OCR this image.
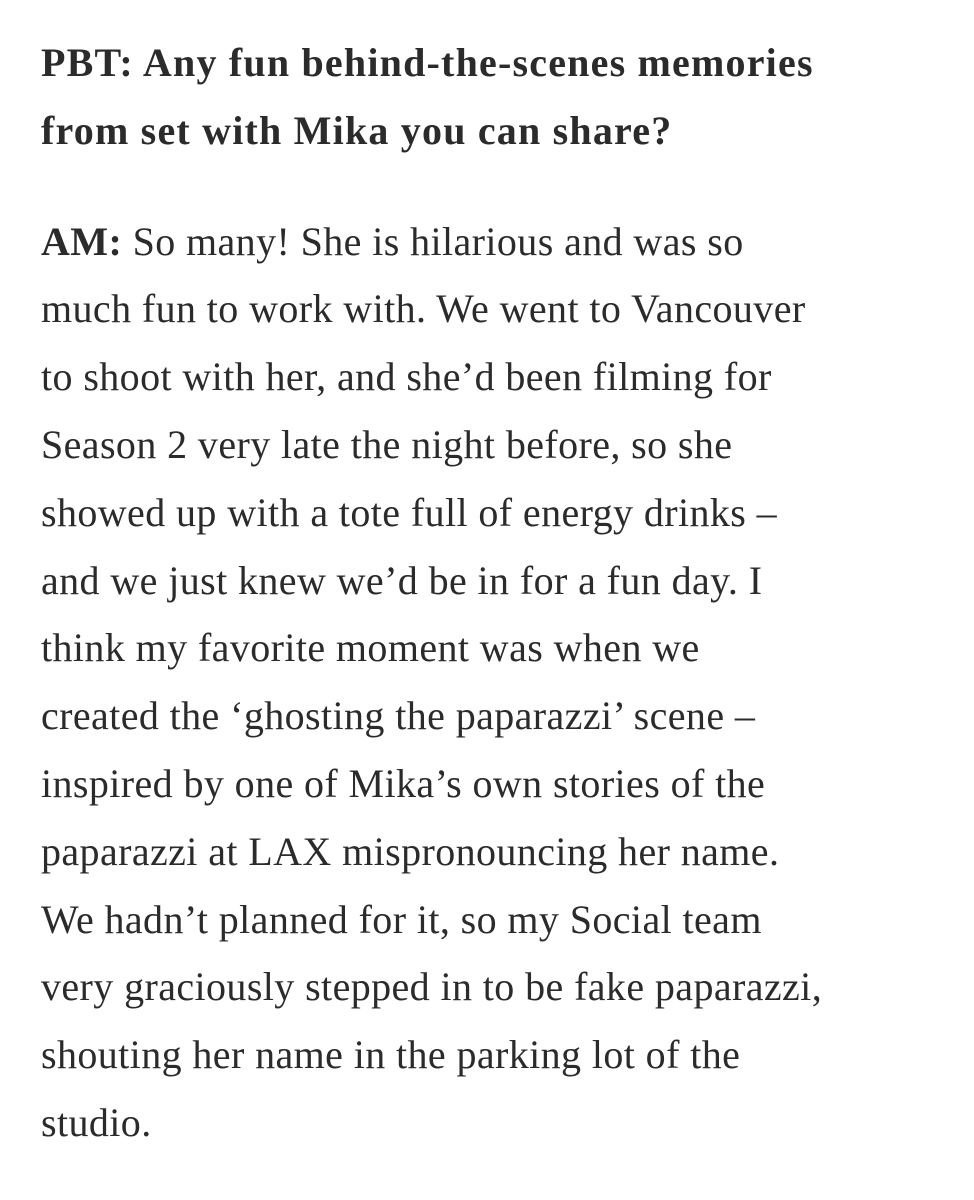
PBT: Any fun behind-the-scenes memories
from set with Mika you can share?
AM: So many! She is hilarious and was so
much fun to work with. We went to Vancouver
to shoot with her, and she’d been filming for
Season 2 very late the night before, so she
showed up with a tote full of energy drinks –
and we just knew we’d be in for a fun day. I
think my favorite moment was when we
created the ‘ghosting the paparazzi’ scene –
inspired by one of Mika’s own stories of the
paparazzi at LAX mispronouncing her name.
We hadn’t planned for it, so my Social team
very graciously stepped in to be fake paparazzi,
shouting her name in the parking lot of the
studio.
